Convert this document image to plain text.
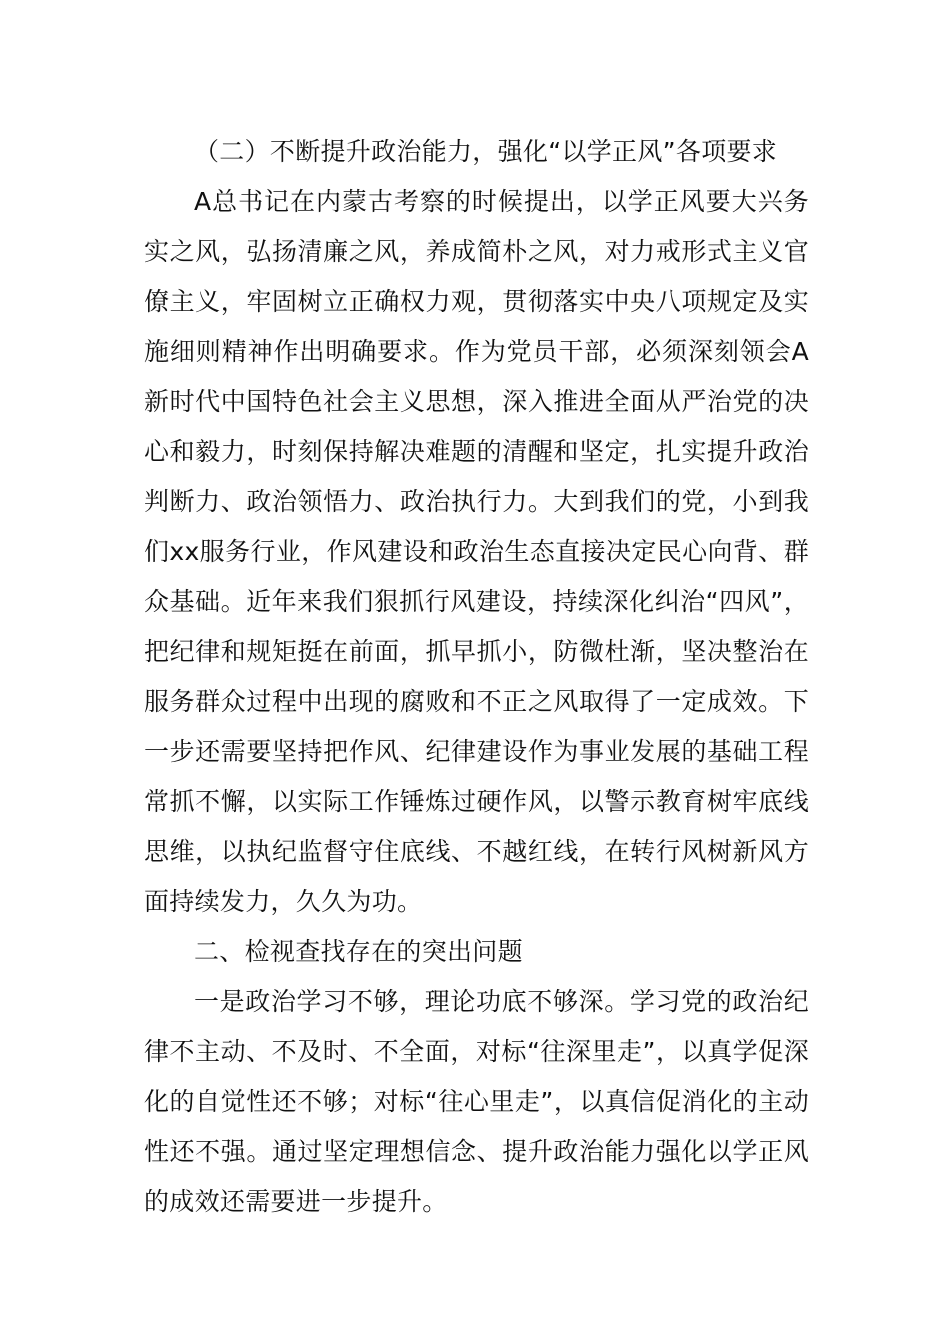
（二）不断提升政治能力，强化“以学正风”各项要求

A总书记在内蒙古考察的时候提出，以学正风要大兴务实之风，弘扬清廉之风，养成简朴之风，对力戒形式主义官僚主义，牢固树立正确权力观，贯彻落实中央八项规定及实施细则精神作出明确要求。作为党员干部，必须深刻领会A新时代中国特色社会主义思想，深入推进全面从严治党的决心和毅力，时刻保持解决难题的清醒和坚定，扎实提升政治判断力、政治领悟力、政治执行力。大到我们的党，小到我们xx服务行业，作风建设和政治生态直接决定民心向背、群众基础。近年来我们狠抓行风建设，持续深化纠治“四风”，把纪律和规矩挺在前面，抓早抓小，防微杜渐，坚决整治在服务群众过程中出现的腐败和不正之风取得了一定成效。下一步还需要坚持把作风、纪律建设作为事业发展的基础工程常抓不懈，以实际工作锤炼过硬作风，以警示教育树牢底线思维，以执纪监督守住底线、不越红线，在转行风树新风方面持续发力，久久为功。

二、检视查找存在的突出问题

一是政治学习不够，理论功底不够深。学习党的政治纪律不主动、不及时、不全面，对标“往深里走”，以真学促深化的自觉性还不够；对标“往心里走”，以真信促消化的主动性还不强。通过坚定理想信念、提升政治能力强化以学正风的成效还需要进一步提升。
